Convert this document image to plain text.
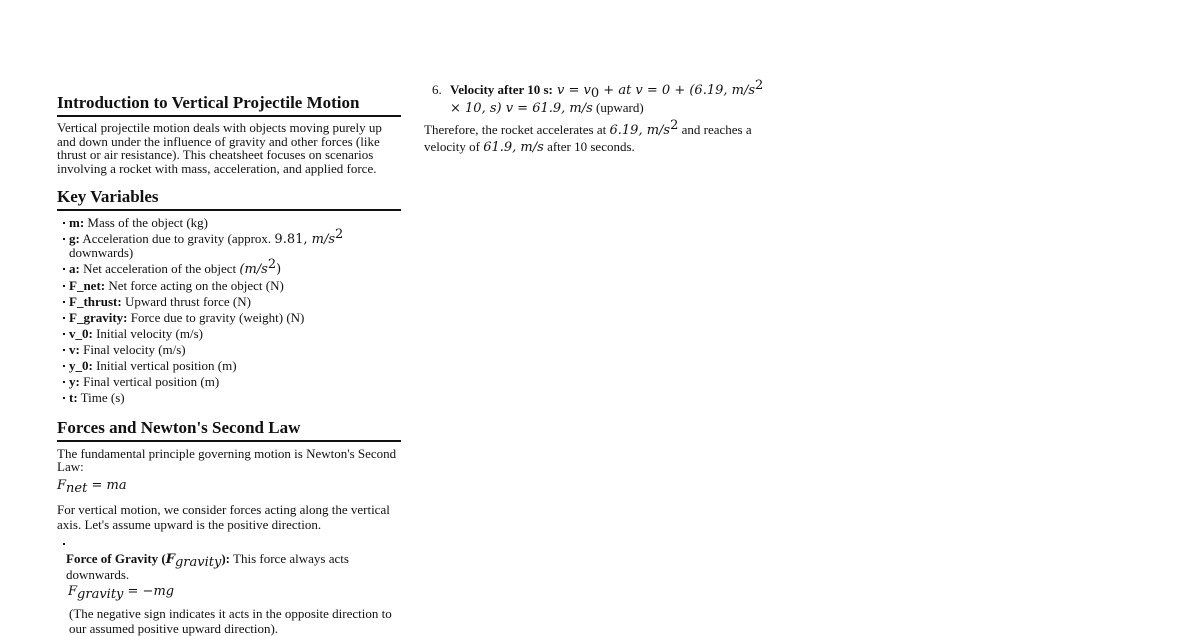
Introduction to Vertical Projectile Motion

Vertical projectile motion deals with objects moving purely up and down under the influence of gravity and other forces (like thrust or air resistance). This cheatsheet focuses on scenarios involving a rocket with mass, acceleration, and applied force.

Key Variables
m: Mass of the object (kg)
g: Acceleration due to gravity (approx. 9.81, $m/s^2$
downwards)
a: Net acceleration of the object $(m/s^2)$
F_net: Net force acting on the object (N)
F_thrust: Upward thrust force (N)
F_gravity: Force due to gravity (weight) (N)
v_0: Initial velocity (m/s)
v: Final velocity (m/s)
y_0: Initial vertical position (m)
y: Final vertical position (m)
t: Time (s)
Forces and Newton's Second Law

The fundamental principle governing motion is Newton's Second Law:

$F_{net}$ = ma

For vertical motion, we consider forces acting along the vertical axis. Let's assume upward is the positive direction.

Force of Gravity $(F_{gravity})$: This force always acts downwards.
$F_{gravity} = -mg$

(The negative sign indicates it acts in the opposite direction to our assumed positive upward direction).

6. Velocity after 10 s: $v = v_0$ + at v = 0 + (6.19, $m/s^2 \times 10$, s) v = 61.9, m/s (upward)

Therefore, the rocket accelerates at 6.19, $m/s^2$ and reaches a velocity of 61.9, m/s after 10 seconds.
